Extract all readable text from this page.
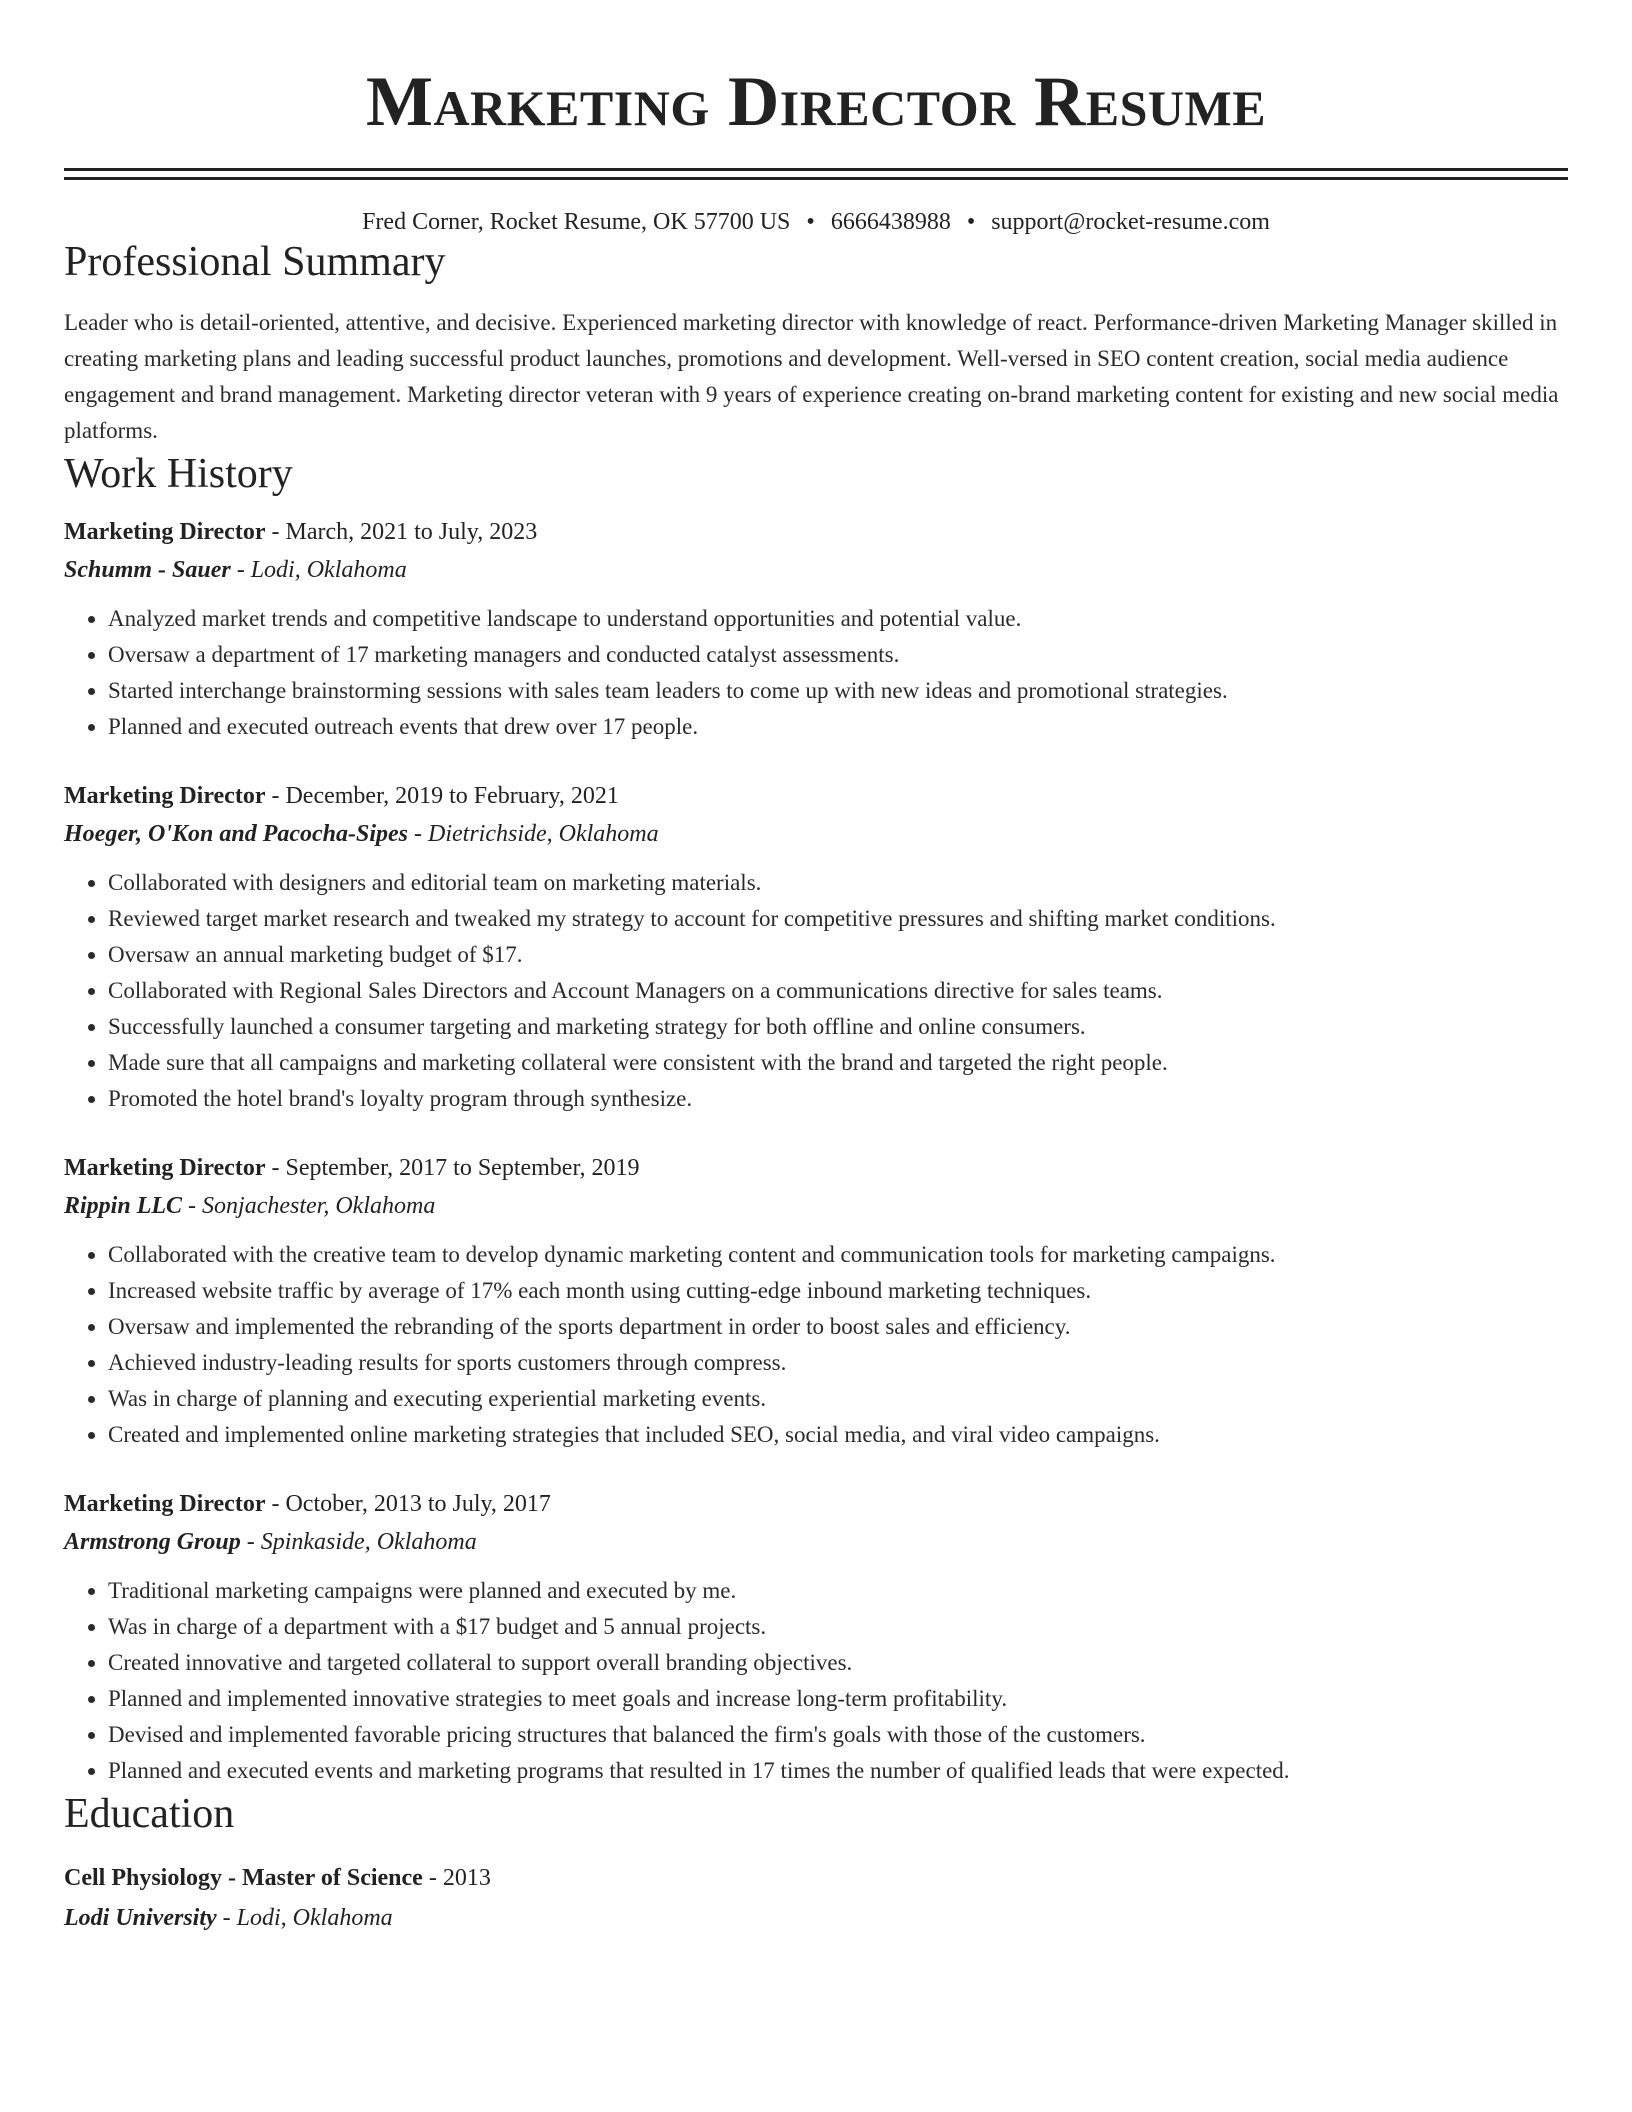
Marketing Director Resume
Fred Corner, Rocket Resume, OK 57700 US • 6666438988 • support@rocket-resume.com
Professional Summary

Leader who is detail-oriented, attentive, and decisive. Experienced marketing director with knowledge of react. Performance-driven Marketing Manager skilled in creating marketing plans and leading successful product launches, promotions and development. Well-versed in SEO content creation, social media audience engagement and brand management. Marketing director veteran with 9 years of experience creating on-brand marketing content for existing and new social media platforms.

Work History

Marketing Director - March, 2021 to July, 2023

Schumm - Sauer - Lodi, Oklahoma

• Analyzed market trends and competitive landscape to understand opportunities and potential value.
• Oversaw a department of 17 marketing managers and conducted catalyst assessments.
• Started interchange brainstorming sessions with sales team leaders to come up with new ideas and promotional strategies.
• Planned and executed outreach events that drew over 17 people.

Marketing Director - December, 2019 to February, 2021

Hoeger, O'Kon and Pacocha-Sipes - Dietrichside, Oklahoma

• Collaborated with designers and editorial team on marketing materials.
• Reviewed target market research and tweaked my strategy to account for competitive pressures and shifting market conditions.
• Oversaw an annual marketing budget of $17.
• Collaborated with Regional Sales Directors and Account Managers on a communications directive for sales teams.
• Successfully launched a consumer targeting and marketing strategy for both offline and online consumers.
• Made sure that all campaigns and marketing collateral were consistent with the brand and targeted the right people.
• Promoted the hotel brand's loyalty program through synthesize.

Marketing Director - September, 2017 to September, 2019

Rippin LLC - Sonjachester, Oklahoma

• Collaborated with the creative team to develop dynamic marketing content and communication tools for marketing campaigns.
• Increased website traffic by average of 17% each month using cutting-edge inbound marketing techniques.
• Oversaw and implemented the rebranding of the sports department in order to boost sales and efficiency.
• Achieved industry-leading results for sports customers through compress.
• Was in charge of planning and executing experiential marketing events.
• Created and implemented online marketing strategies that included SEO, social media, and viral video campaigns.

Marketing Director - October, 2013 to July, 2017

Armstrong Group - Spinkaside, Oklahoma

• Traditional marketing campaigns were planned and executed by me.
• Was in charge of a department with a $17 budget and 5 annual projects.
• Created innovative and targeted collateral to support overall branding objectives.
• Planned and implemented innovative strategies to meet goals and increase long-term profitability.
• Devised and implemented favorable pricing structures that balanced the firm's goals with those of the customers.
• Planned and executed events and marketing programs that resulted in 17 times the number of qualified leads that were expected.
Education

Cell Physiology - Master of Science - 2013

Lodi University - Lodi, Oklahoma
